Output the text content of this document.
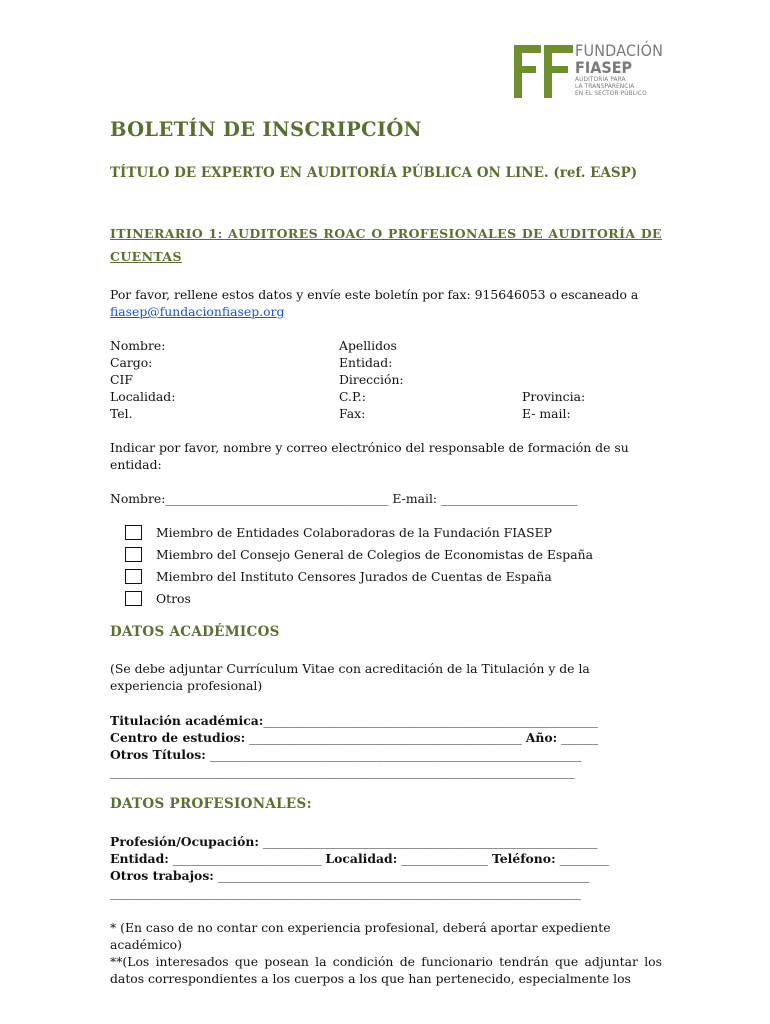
FUNDACIÓN
FIASEP
AUDITORÍA PARA
LA TRANSPARENCIA
EN EL SECTOR PÚBLICO
BOLETÍN DE INSCRIPCIÓN

TÍTULO DE EXPERTO EN AUDITORÍA PÚBLICA ON LINE. (ref. EASP)

ITINERARIO 1: AUDITORES ROAC O PROFESIONALES DE AUDITORÍA DE CUENTAS
Por favor, rellene estos datos y envíe este boletín por fax: 915646053 o escaneado a fiasep@fundacionfiasep.org
Nombre:
Cargo:
CIF
Localidad:
Tel.
Apellidos
Entidad:
Dirección:
C.P.:
Fax:
Provincia:
E- mail:
Indicar por favor, nombre y correo electrónico del responsable de formación de su entidad:
Nombre:____________________________________ E-mail: ______________________
Miembro de Entidades Colaboradoras de la Fundación FIASEP
Miembro del Consejo General de Colegios de Economistas de España
Miembro del Instituto Censores Jurados de Cuentas de España
Otros
DATOS ACADÉMICOS
(Se debe adjuntar Currículum Vitae con acreditación de la Titulación y de la experiencia profesional)
Titulación académica:______________________________________________________
Centro de estudios: ____________________________________________ Año: ______
Otros Títulos: ____________________________________________________________
___________________________________________________________________________
DATOS PROFESIONALES:
Profesión/Ocupación: ______________________________________________________
Entidad: ________________________ Localidad: ______________ Teléfono: ________
Otros trabajos: ____________________________________________________________
____________________________________________________________________________
* (En caso de no contar con experiencia profesional, deberá aportar expediente académico)
**(Los interesados que posean la condición de funcionario tendrán que adjuntar los datos correspondientes a los cuerpos a los que han pertenecido, especialmente los
